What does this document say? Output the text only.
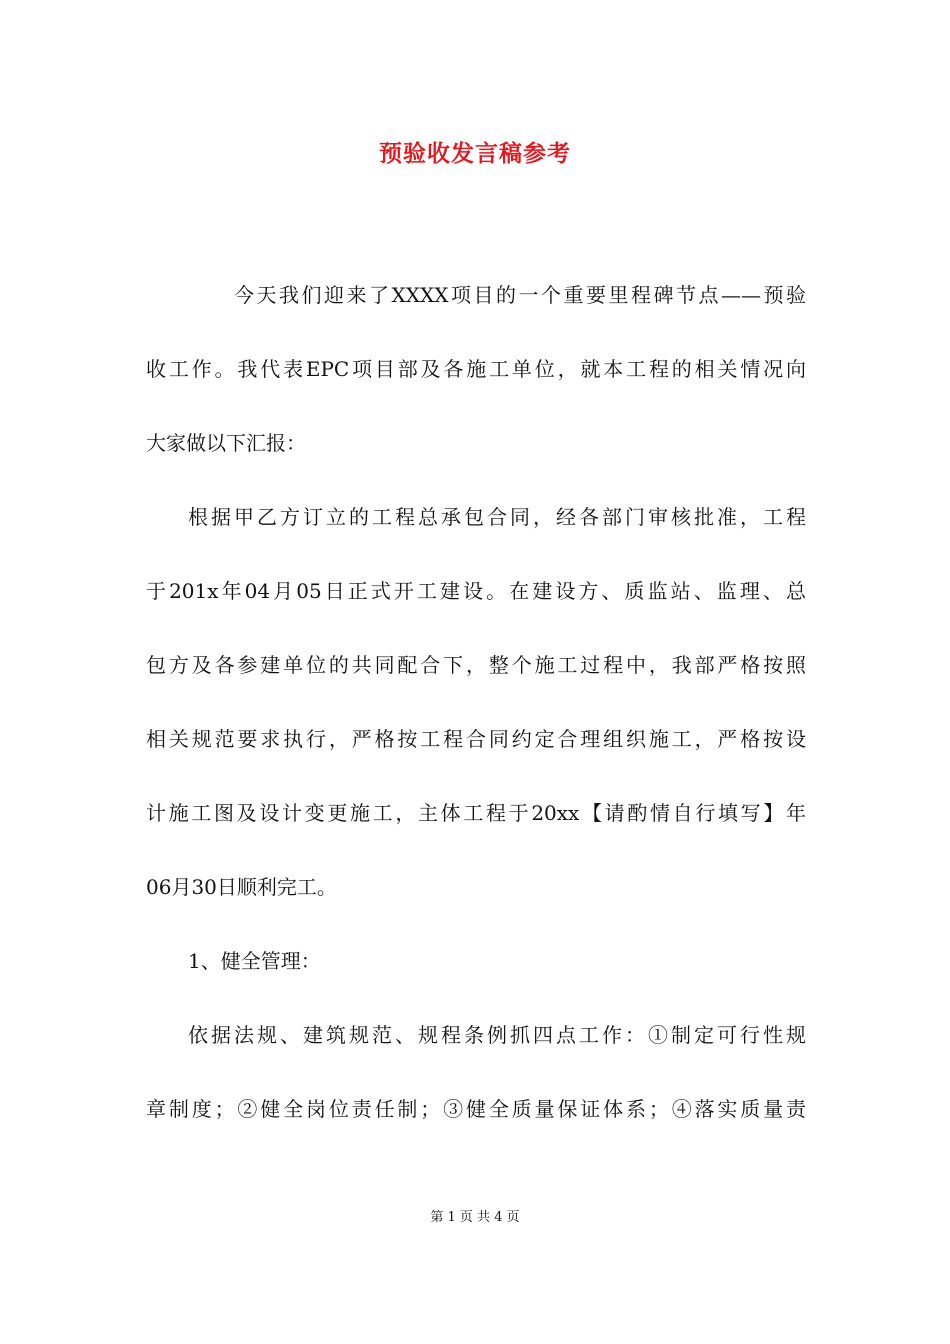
预验收发言稿参考

今天我们迎来了XXXX项目的一个重要里程碑节点——预验

收工作。我代表EPC项目部及各施工单位，就本工程的相关情况向

大家做以下汇报：

根据甲乙方订立的工程总承包合同，经各部门审核批准，工程

于201x年04月05日正式开工建设。在建设方、质监站、监理、总

包方及各参建单位的共同配合下，整个施工过程中，我部严格按照

相关规范要求执行，严格按工程合同约定合理组织施工，严格按设

计施工图及设计变更施工，主体工程于20xx【请酌情自行填写】年

06月30日顺利完工。

1、健全管理：

依据法规、建筑规范、规程条例抓四点工作：①制定可行性规

章制度；②健全岗位责任制；③健全质量保证体系；④落实质量责

第 1 页 共 4 页
